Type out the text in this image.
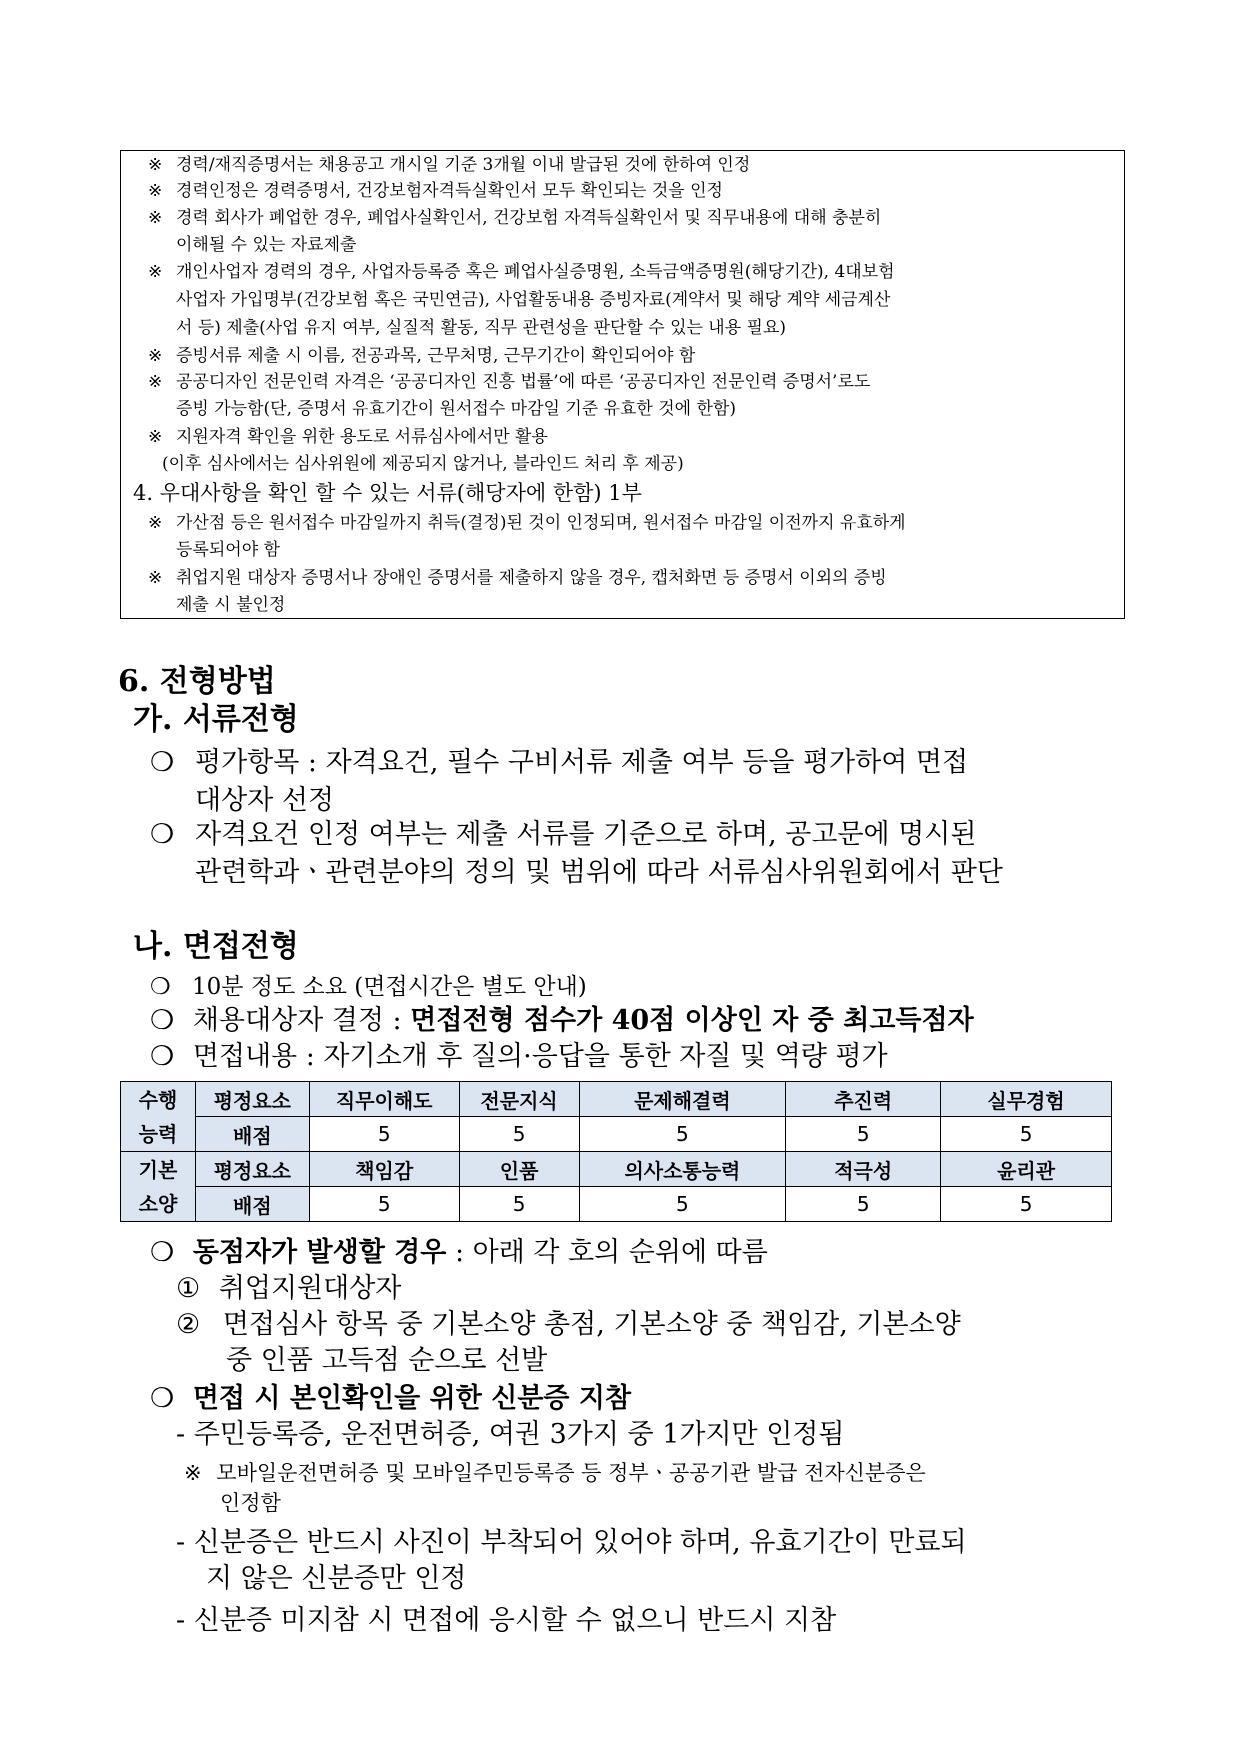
※ 경력/재직증명서는 채용공고 개시일 기준 3개월 이내 발급된 것에 한하여 인정
※ 경력인정은 경력증명서, 건강보험자격득실확인서 모두 확인되는 것을 인정
※ 경력 회사가 폐업한 경우, 폐업사실확인서, 건강보험 자격득실확인서 및 직무내용에 대해 충분히
이해될 수 있는 자료제출
※ 개인사업자 경력의 경우, 사업자등록증 혹은 폐업사실증명원, 소득금액증명원(해당기간), 4대보험
사업자 가입명부(건강보험 혹은 국민연금), 사업활동내용 증빙자료(계약서 및 해당 계약 세금계산
서 등) 제출(사업 유지 여부, 실질적 활동, 직무 관련성을 판단할 수 있는 내용 필요)
※ 증빙서류 제출 시 이름, 전공과목, 근무처명, 근무기간이 확인되어야 함
※ 공공디자인 전문인력 자격은 ‘공공디자인 진흥 법률’에 따른 ‘공공디자인 전문인력 증명서’로도
증빙 가능함(단, 증명서 유효기간이 원서접수 마감일 기준 유효한 것에 한함)
※ 지원자격 확인을 위한 용도로 서류심사에서만 활용
(이후 심사에서는 심사위원에 제공되지 않거나, 블라인드 처리 후 제공)
4. 우대사항을 확인 할 수 있는 서류(해당자에 한함) 1부
※ 가산점 등은 원서접수 마감일까지 취득(결정)된 것이 인정되며, 원서접수 마감일 이전까지 유효하게
등록되어야 함
※ 취업지원 대상자 증명서나 장애인 증명서를 제출하지 않을 경우, 캡처화면 등 증명서 이외의 증빙
제출 시 불인정
6. 전형방법
가. 서류전형
❍ 평가항목 : 자격요건, 필수 구비서류 제출 여부 등을 평가하여 면접
대상자 선정
❍ 자격요건 인정 여부는 제출 서류를 기준으로 하며, 공고문에 명시된
관련학과ㆍ관련분야의 정의 및 범위에 따라 서류심사위원회에서 판단
나. 면접전형
❍ 10분 정도 소요 (면접시간은 별도 안내)
❍ 채용대상자 결정 : 면접전형 점수가 40점 이상인 자 중 최고득점자
❍ 면접내용 : 자기소개 후 질의·응답을 통한 자질 및 역량 평가
수행
능력	평정요소	직무이해도	전문지식	문제해결력	추진력	실무경험
	배점	5	5	5	5	5
기본
소양	평정요소	책임감	인품	의사소통능력	적극성	윤리관
	배점	5	5	5	5	5
❍ 동점자가 발생할 경우 : 아래 각 호의 순위에 따름
① 취업지원대상자
② 면접심사 항목 중 기본소양 총점, 기본소양 중 책임감, 기본소양
중 인품 고득점 순으로 선발
❍ 면접 시 본인확인을 위한 신분증 지참
- 주민등록증, 운전면허증, 여권 3가지 중 1가지만 인정됨
※ 모바일운전면허증 및 모바일주민등록증 등 정부ㆍ공공기관 발급 전자신분증은
인정함
- 신분증은 반드시 사진이 부착되어 있어야 하며, 유효기간이 만료되
지 않은 신분증만 인정
- 신분증 미지참 시 면접에 응시할 수 없으니 반드시 지참
